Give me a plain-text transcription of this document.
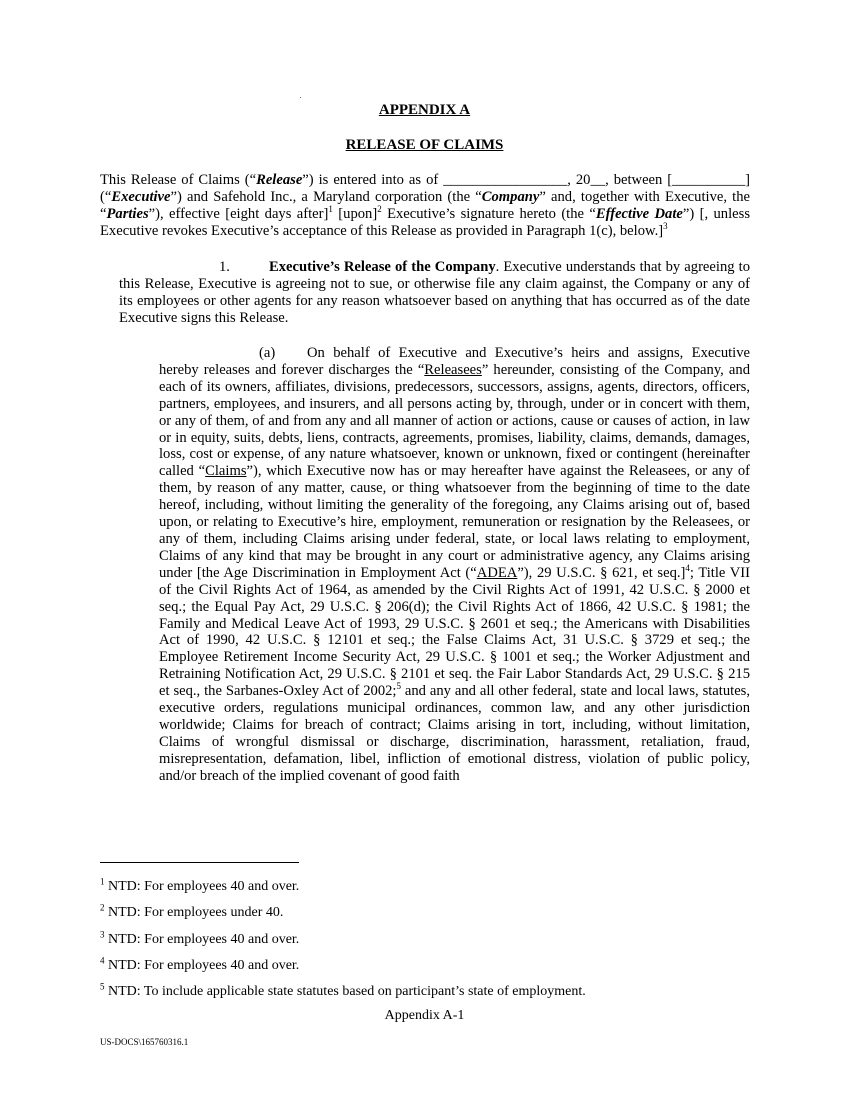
APPENDIX A
RELEASE OF CLAIMS
This Release of Claims (“Release”) is entered into as of _________________, 20__, between [__________] (“Executive”) and Safehold Inc., a Maryland corporation (the “Company” and, together with Executive, the “Parties”), effective [eight days after]$^1$ [upon]$^2$ Executive’s signature hereto (the “Effective Date”) [, unless Executive revokes Executive’s acceptance of this Release as provided in Paragraph 1(c), below.]$^3$
1.	Executive’s Release of the Company. Executive understands that by agreeing to this Release, Executive is agreeing not to sue, or otherwise file any claim against, the Company or any of its employees or other agents for any reason whatsoever based on anything that has occurred as of the date Executive signs this Release.
(a) On behalf of Executive and Executive’s heirs and assigns, Executive hereby releases and forever discharges the “Releasees” hereunder, consisting of the Company, and each of its owners, affiliates, divisions, predecessors, successors, assigns, agents, directors, officers, partners, employees, and insurers, and all persons acting by, through, under or in concert with them, or any of them, of and from any and all manner of action or actions, cause or causes of action, in law or in equity, suits, debts, liens, contracts, agreements, promises, liability, claims, demands, damages, loss, cost or expense, of any nature whatsoever, known or unknown, fixed or contingent (hereinafter called “Claims”), which Executive now has or may hereafter have against the Releasees, or any of them, by reason of any matter, cause, or thing whatsoever from the beginning of time to the date hereof, including, without limiting the generality of the foregoing, any Claims arising out of, based upon, or relating to Executive’s hire, employment, remuneration or resignation by the Releasees, or any of them, including Claims arising under federal, state, or local laws relating to employment, Claims of any kind that may be brought in any court or administrative agency, any Claims arising under [the Age Discrimination in Employment Act (“ADEA”), 29 U.S.C. § 621, et seq.]$^4$; Title VII of the Civil Rights Act of 1964, as amended by the Civil Rights Act of 1991, 42 U.S.C. § 2000 et seq.; the Equal Pay Act, 29 U.S.C. § 206(d); the Civil Rights Act of 1866, 42 U.S.C. § 1981; the Family and Medical Leave Act of 1993, 29 U.S.C. § 2601 et seq.; the Americans with Disabilities Act of 1990, 42 U.S.C. § 12101 et seq.; the False Claims Act, 31 U.S.C. § 3729 et seq.; the Employee Retirement Income Security Act, 29 U.S.C. § 1001 et seq.; the Worker Adjustment and Retraining Notification Act, 29 U.S.C. § 2101 et seq. the Fair Labor Standards Act, 29 U.S.C. § 215 et seq., the Sarbanes-Oxley Act of 2002;$^5$ and any and all other federal, state and local laws, statutes, executive orders, regulations municipal ordinances, common law, and any other jurisdiction worldwide; Claims for breach of contract; Claims arising in tort, including, without limitation, Claims of wrongful dismissal or discharge, discrimination, harassment, retaliation, fraud, misrepresentation, defamation, libel, infliction of emotional distress, violation of public policy, and/or breach of the implied covenant of good faith
$^1$ NTD: For employees 40 and over.
$^2$ NTD: For employees under 40.
$^3$ NTD: For employees 40 and over.
$^4$ NTD: For employees 40 and over.
$^5$ NTD: To include applicable state statutes based on participant’s state of employment.
Appendix A-1
US-DOCS\165760316.1
